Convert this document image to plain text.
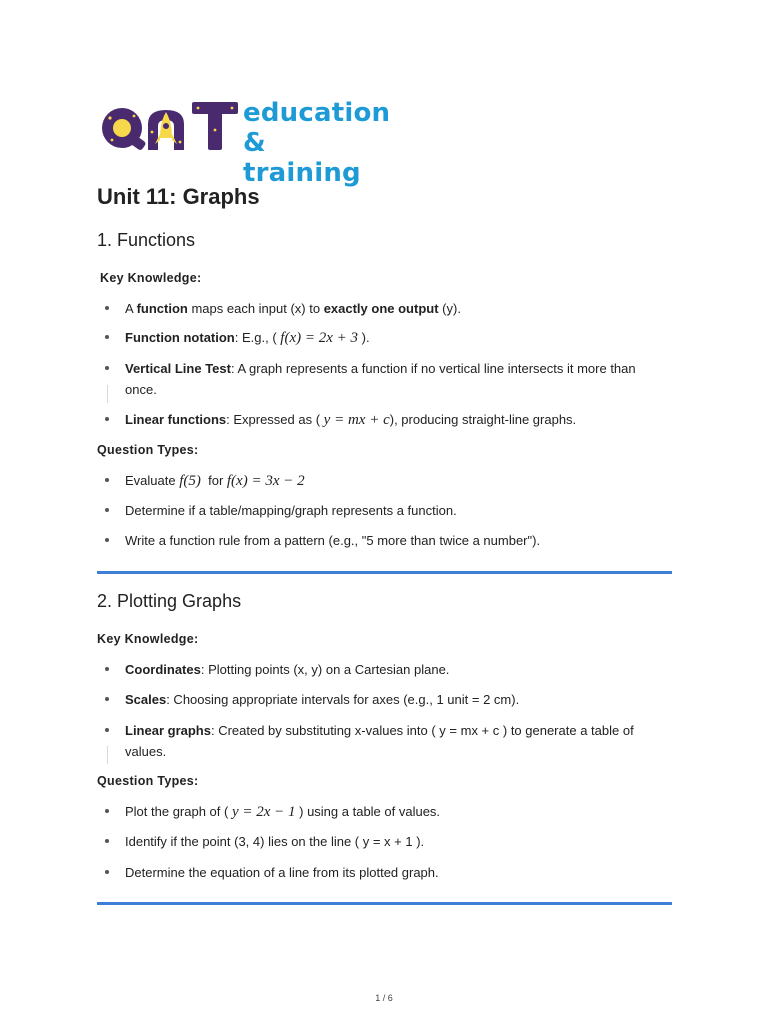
education
& training
Unit 11: Graphs
1. Functions
Key Knowledge:
A function maps each input (x) to exactly one output (y).
Function notation: E.g., ( f(x) = 2x + 3 ).
Vertical Line Test: A graph represents a function if no vertical line intersects it more than once.
Linear functions: Expressed as ( y = mx + c), producing straight-line graphs.
Question Types:
Evaluate f(5)  for f(x) = 3x − 2
Determine if a table/mapping/graph represents a function.
Write a function rule from a pattern (e.g., "5 more than twice a number").
2. Plotting Graphs
Key Knowledge:
Coordinates: Plotting points (x, y) on a Cartesian plane.
Scales: Choosing appropriate intervals for axes (e.g., 1 unit = 2 cm).
Linear graphs: Created by substituting x-values into ( y = mx + c ) to generate a table of values.
Question Types:
Plot the graph of ( y = 2x − 1 ) using a table of values.
Identify if the point (3, 4) lies on the line ( y = x + 1 ).
Determine the equation of a line from its plotted graph.
1 / 6
